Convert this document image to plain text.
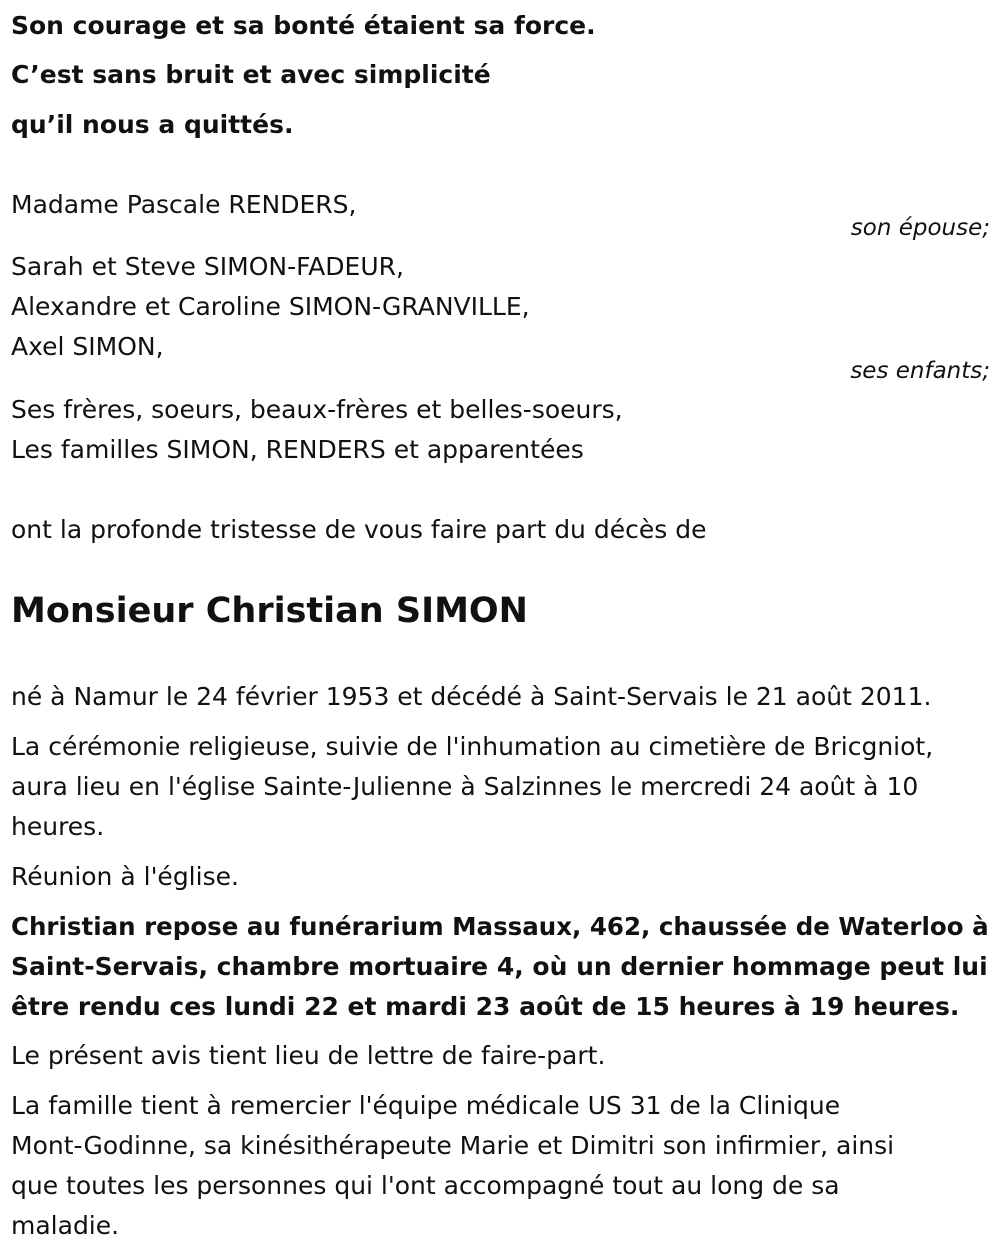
Son courage et sa bonté étaient sa force.
C’est sans bruit et avec simplicité
qu’il nous a quittés.
Madame Pascale RENDERS,
son épouse;
Sarah et Steve SIMON-FADEUR,
Alexandre et Caroline SIMON-GRANVILLE,
Axel SIMON,
ses enfants;
Ses frères, soeurs, beaux-frères et belles-soeurs,
Les familles SIMON, RENDERS et apparentées
ont la profonde tristesse de vous faire part du décès de
Monsieur Christian SIMON
né à Namur le 24 février 1953 et décédé à Saint-Servais le 21 août 2011.
La cérémonie religieuse, suivie de l'inhumation au cimetière de Bricgniot,
aura lieu en l'église Sainte-Julienne à Salzinnes le mercredi 24 août à 10
heures.
Réunion à l'église.
Christian repose au funérarium Massaux, 462, chaussée de Waterloo à
Saint-Servais, chambre mortuaire 4, où un dernier hommage peut lui
être rendu ces lundi 22 et mardi 23 août de 15 heures à 19 heures.
Le présent avis tient lieu de lettre de faire-part.
La famille tient à remercier l'équipe médicale US 31 de la Clinique
Mont-Godinne, sa kinésithérapeute Marie et Dimitri son infirmier, ainsi
que toutes les personnes qui l'ont accompagné tout au long de sa
maladie.
